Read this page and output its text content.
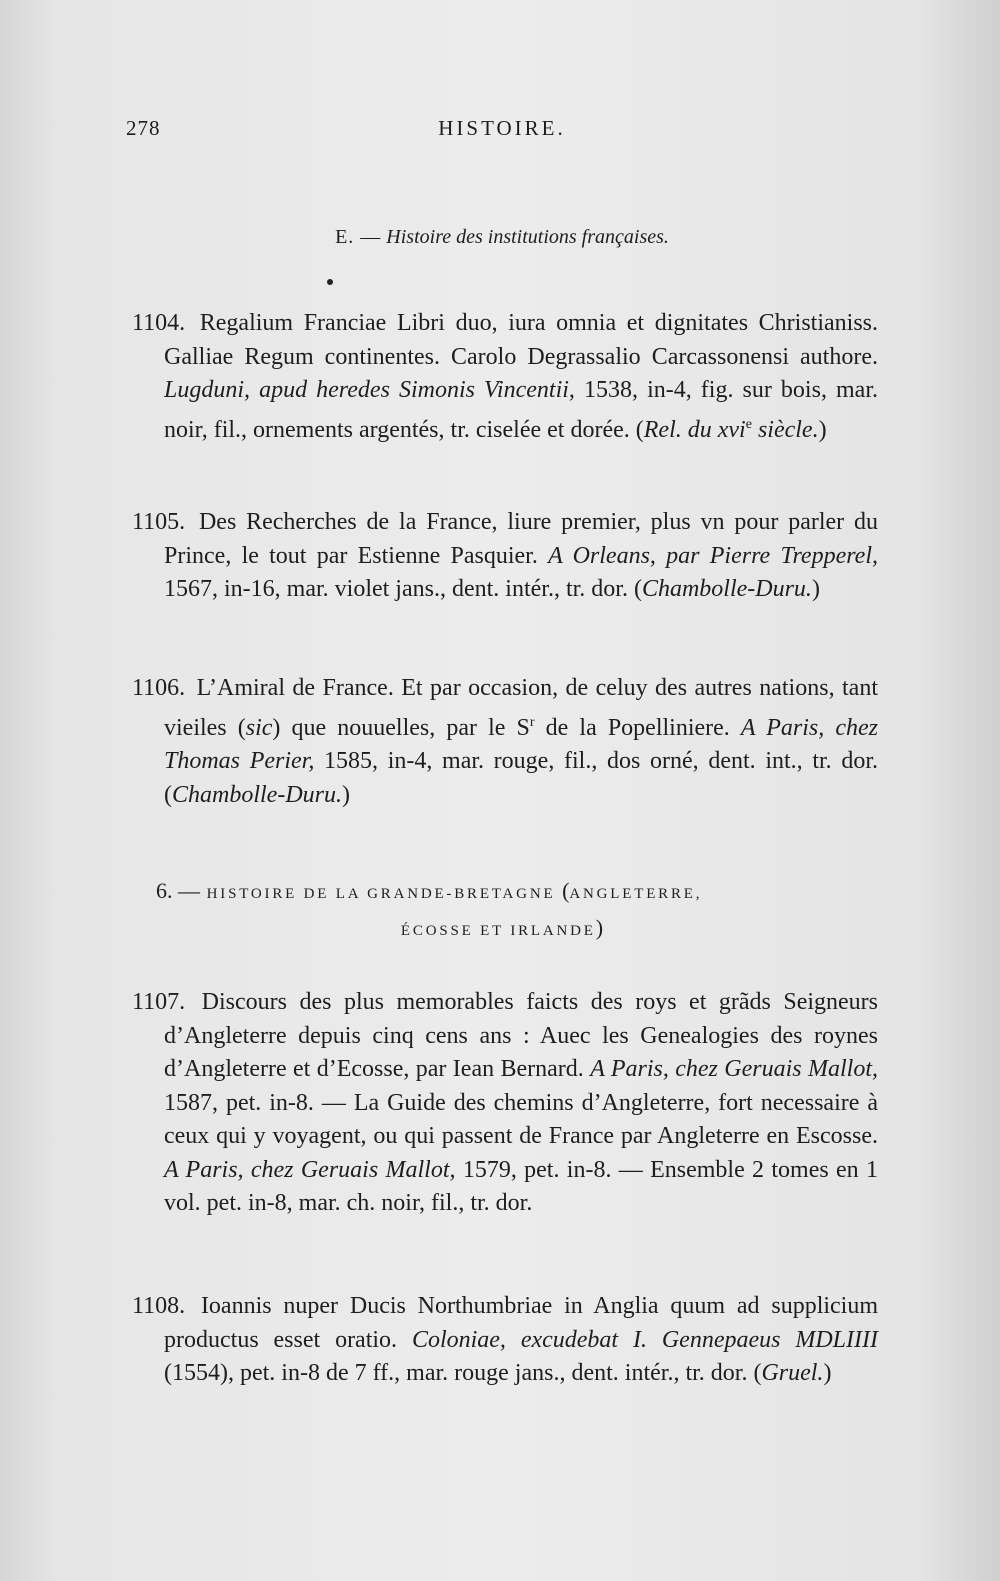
278	HISTOIRE.
E. — Histoire des institutions françaises.
1104. Regalium Franciae Libri duo, iura omnia et dignitates Christianiss. Galliae Regum continentes. Carolo Degrassalio Carcassonensi authore. Lugduni, apud heredes Simonis Vincentii, 1538, in-4, fig. sur bois, mar. noir, fil., ornements argentés, tr. ciselée et dorée. (Rel. du xvi$^e$ siècle.)
1105. Des Recherches de la France, liure premier, plus vn pour parler du Prince, le tout par Estienne Pasquier. A Orleans, par Pierre Trepperel, 1567, in-16, mar. violet jans., dent. intér., tr. dor. (Chambolle-Duru.)
1106. L’Amiral de France. Et par occasion, de celuy des autres nations, tant vieiles (sic) que nouuelles, par le $S^r$ de la Popelliniere. A Paris, chez Thomas Perier, 1585, in-4, mar. rouge, fil., dos orné, dent. int., tr. dor. (Chambolle-Duru.)
6. — HISTOIRE DE LA GRANDE-BRETAGNE (ANGLETERRE,
ÉCOSSE ET IRLANDE)
1107. Discours des plus memorables faicts des roys et grãds Seigneurs d’Angleterre depuis cinq cens ans : Auec les Genealogies des roynes d’Angleterre et d’Ecosse, par Iean Bernard. A Paris, chez Geruais Mallot, 1587, pet. in-8. — La Guide des chemins d’Angleterre, fort necessaire à ceux qui y voyagent, ou qui passent de France par Angleterre en Escosse. A Paris, chez Geruais Mallot, 1579, pet. in-8. — Ensemble 2 tomes en 1 vol. pet. in-8, mar. ch. noir, fil., tr. dor.
1108. Ioannis nuper Ducis Northumbriae in Anglia quum ad supplicium productus esset oratio. Coloniae, excudebat I. Gennepaeus MDLIIII (1554), pet. in-8 de 7 ff., mar. rouge jans., dent. intér., tr. dor. (Gruel.)
